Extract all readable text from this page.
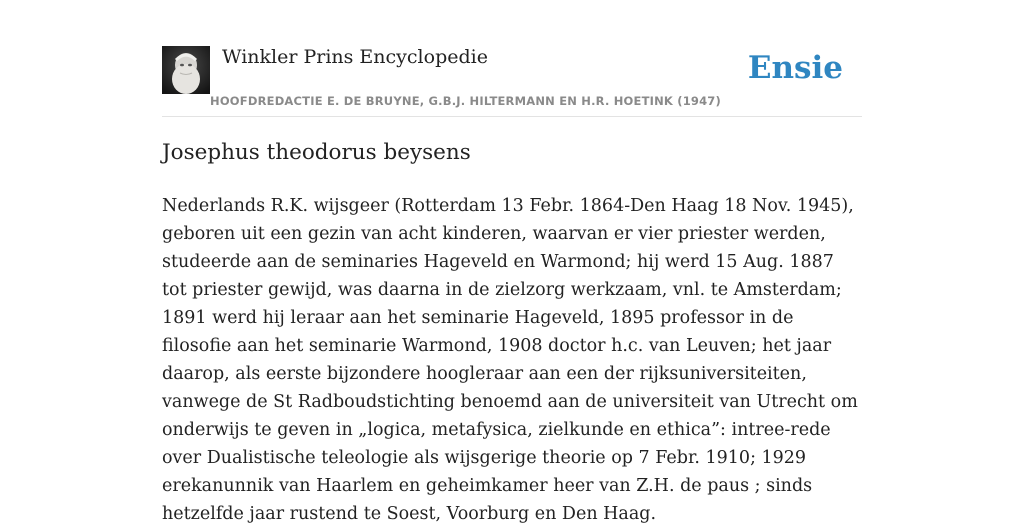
Winkler Prins Encyclopedie
HOOFDREDACTIE E. DE BRUYNE, G.B.J. HILTERMANN EN H.R. HOETINK (1947)
Ensie
Josephus theodorus beysens

Nederlands R.K. wijsgeer (Rotterdam 13 Febr. 1864-Den Haag 18 Nov. 1945), geboren uit een gezin van acht kinderen, waarvan er vier priester werden, studeerde aan de seminaries Hageveld en Warmond; hij werd 15 Aug. 1887 tot priester gewijd, was daarna in de zielzorg werkzaam, vnl. te Amsterdam; 1891 werd hij leraar aan het seminarie Hageveld, 1895 professor in de filosofie aan het seminarie Warmond, 1908 doctor h.c. van Leuven; het jaar daarop, als eerste bijzondere hoogleraar aan een der rijksuniversiteiten, vanwege de St Radboudstichting benoemd aan de universiteit van Utrecht om onderwijs te geven in „logica, metafysica, zielkunde en ethica”: intree-rede over Dualistische teleologie als wijsgerige theorie op 7 Febr. 1910; 1929 erekanunnik van Haarlem en geheimkamer heer van Z.H. de paus ; sinds hetzelfde jaar rustend te Soest, Voorburg en Den Haag.
